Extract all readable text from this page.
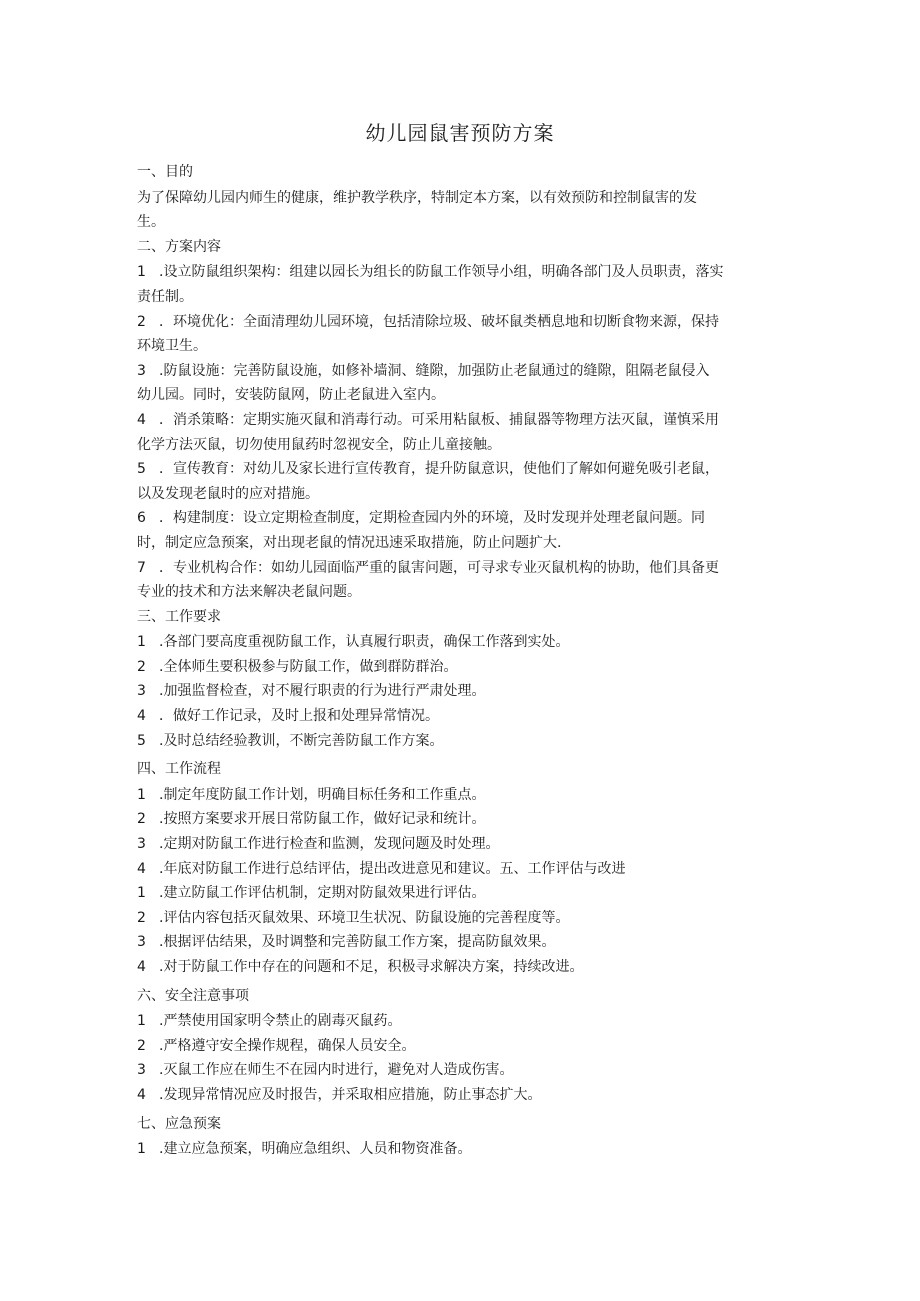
幼儿园鼠害预防方案
一、目的
为了保障幼儿园内师生的健康，维护教学秩序，特制定本方案，以有效预防和控制鼠害的发
生。
二、方案内容
1 .设立防鼠组织架构：组建以园长为组长的防鼠工作领导小组，明确各部门及人员职责，落实
责任制。
2 ．环境优化：全面清理幼儿园环境，包括清除垃圾、破坏鼠类栖息地和切断食物来源，保持
环境卫生。
3 .防鼠设施：完善防鼠设施，如修补墙洞、缝隙，加强防止老鼠通过的缝隙，阻隔老鼠侵入
幼儿园。同时，安装防鼠网，防止老鼠进入室内。
4 ．消杀策略：定期实施灭鼠和消毒行动。可采用粘鼠板、捕鼠器等物理方法灭鼠，谨慎采用
化学方法灭鼠，切勿使用鼠药时忽视安全，防止儿童接触。
5 ．宣传教育：对幼儿及家长进行宣传教育，提升防鼠意识，使他们了解如何避免吸引老鼠，
以及发现老鼠时的应对措施。
6 ．构建制度：设立定期检查制度，定期检查园内外的环境，及时发现并处理老鼠问题。同
时，制定应急预案，对出现老鼠的情况迅速采取措施，防止问题扩大.
7 ．专业机构合作：如幼儿园面临严重的鼠害问题，可寻求专业灭鼠机构的协助，他们具备更
专业的技术和方法来解决老鼠问题。
三、工作要求
1 .各部门要高度重视防鼠工作，认真履行职责，确保工作落到实处。
2 .全体师生要积极参与防鼠工作，做到群防群治。
3 .加强监督检查，对不履行职责的行为进行严肃处理。
4 ．做好工作记录，及时上报和处理异常情况。
5 .及时总结经验教训，不断完善防鼠工作方案。
四、工作流程
1 .制定年度防鼠工作计划，明确目标任务和工作重点。
2 .按照方案要求开展日常防鼠工作，做好记录和统计。
3 .定期对防鼠工作进行检查和监测，发现问题及时处理。
4 .年底对防鼠工作进行总结评估，提出改进意见和建议。五、工作评估与改进
1 .建立防鼠工作评估机制，定期对防鼠效果进行评估。
2 .评估内容包括灭鼠效果、环境卫生状况、防鼠设施的完善程度等。
3 .根据评估结果，及时调整和完善防鼠工作方案，提高防鼠效果。
4 .对于防鼠工作中存在的问题和不足，积极寻求解决方案，持续改进。
六、安全注意事项
1 .严禁使用国家明令禁止的剧毒灭鼠药。
2 .严格遵守安全操作规程，确保人员安全。
3 .灭鼠工作应在师生不在园内时进行，避免对人造成伤害。
4 .发现异常情况应及时报告，并采取相应措施，防止事态扩大。
七、应急预案
1 .建立应急预案，明确应急组织、人员和物资准备。
